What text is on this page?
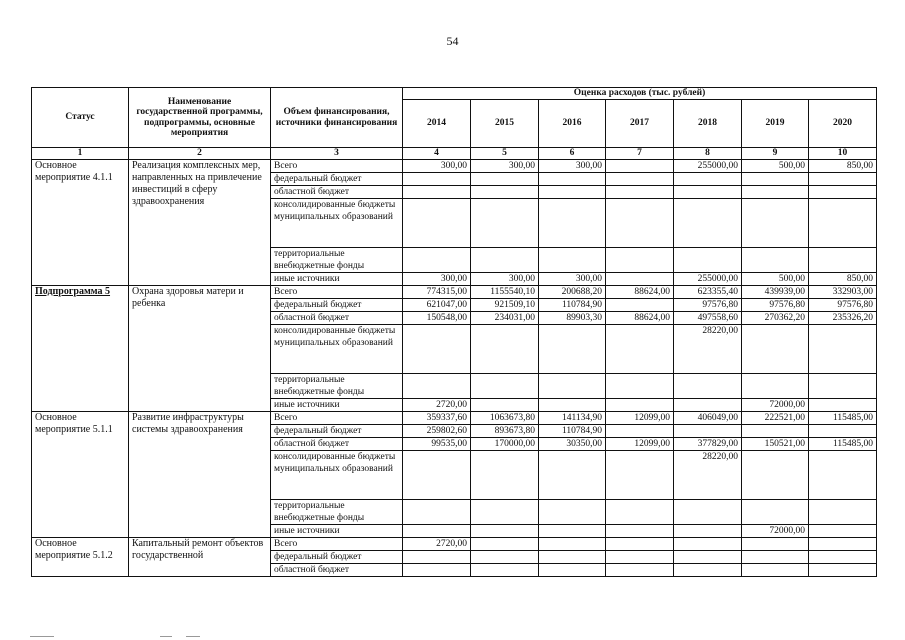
54
Статус	Наименование государственной программы, подпрограммы, основные мероприятия	Объем финансирования, источники финансирования	Оценка расходов (тыс. рублей)						
			2014	2015	2016	2017	2018	2019	2020
1	2	3	4	5	6	7	8	9	10
Основное мероприятие 4.1.1	Реализация комплексных мер, направленных на привлечение инвестиций в сферу здравоохранения	Всего	300,00	300,00	300,00		255000,00	500,00	850,00
		федеральный бюджет							
		областной бюджет							
		консолидированные бюджеты муниципальных образований							
		территориальные внебюджетные фонды							
		иные источники	300,00	300,00	300,00		255000,00	500,00	850,00
Подпрограмма 5	Охрана здоровья матери и ребенка	Всего	774315,00	1155540,10	200688,20	88624,00	623355,40	439939,00	332903,00
		федеральный бюджет	621047,00	921509,10	110784,90		97576,80	97576,80	97576,80
		областной бюджет	150548,00	234031,00	89903,30	88624,00	497558,60	270362,20	235326,20
		консолидированные бюджеты муниципальных образований					28220,00		
		территориальные внебюджетные фонды							
		иные источники	2720,00					72000,00	
Основное мероприятие 5.1.1	Развитие инфраструктуры системы здравоохранения	Всего	359337,60	1063673,80	141134,90	12099,00	406049,00	222521,00	115485,00
		федеральный бюджет	259802,60	893673,80	110784,90				
		областной бюджет	99535,00	170000,00	30350,00	12099,00	377829,00	150521,00	115485,00
		консолидированные бюджеты муниципальных образований					28220,00		
		территориальные внебюджетные фонды							
		иные источники						72000,00	
Основное мероприятие 5.1.2	Капитальный ремонт объектов государственной	Всего	2720,00						
		федеральный бюджет							
		областной бюджет							
